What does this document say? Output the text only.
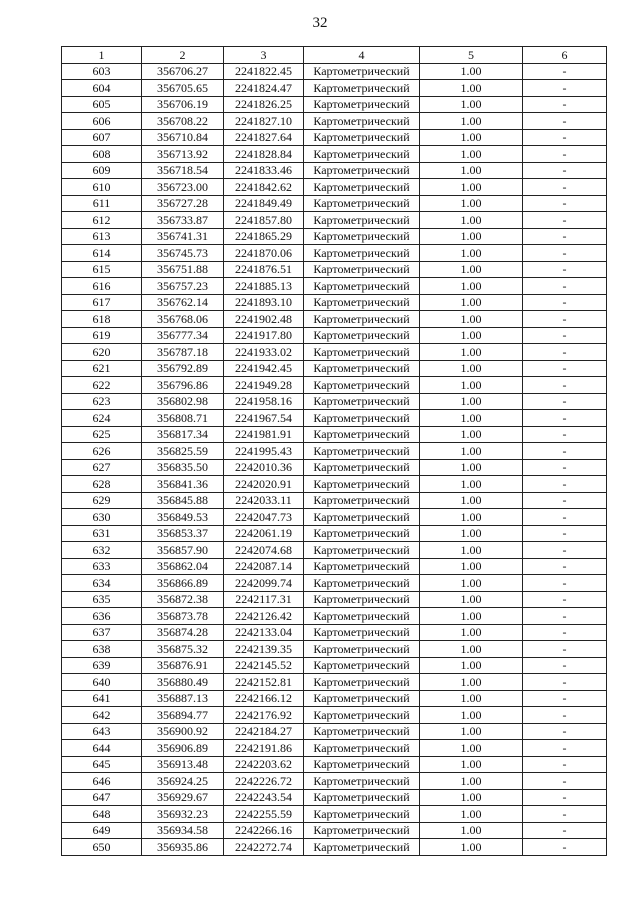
32
1	2	3	4	5	6
603	356706.27	2241822.45	Картометрический	1.00	-
604	356705.65	2241824.47	Картометрический	1.00	-
605	356706.19	2241826.25	Картометрический	1.00	-
606	356708.22	2241827.10	Картометрический	1.00	-
607	356710.84	2241827.64	Картометрический	1.00	-
608	356713.92	2241828.84	Картометрический	1.00	-
609	356718.54	2241833.46	Картометрический	1.00	-
610	356723.00	2241842.62	Картометрический	1.00	-
611	356727.28	2241849.49	Картометрический	1.00	-
612	356733.87	2241857.80	Картометрический	1.00	-
613	356741.31	2241865.29	Картометрический	1.00	-
614	356745.73	2241870.06	Картометрический	1.00	-
615	356751.88	2241876.51	Картометрический	1.00	-
616	356757.23	2241885.13	Картометрический	1.00	-
617	356762.14	2241893.10	Картометрический	1.00	-
618	356768.06	2241902.48	Картометрический	1.00	-
619	356777.34	2241917.80	Картометрический	1.00	-
620	356787.18	2241933.02	Картометрический	1.00	-
621	356792.89	2241942.45	Картометрический	1.00	-
622	356796.86	2241949.28	Картометрический	1.00	-
623	356802.98	2241958.16	Картометрический	1.00	-
624	356808.71	2241967.54	Картометрический	1.00	-
625	356817.34	2241981.91	Картометрический	1.00	-
626	356825.59	2241995.43	Картометрический	1.00	-
627	356835.50	2242010.36	Картометрический	1.00	-
628	356841.36	2242020.91	Картометрический	1.00	-
629	356845.88	2242033.11	Картометрический	1.00	-
630	356849.53	2242047.73	Картометрический	1.00	-
631	356853.37	2242061.19	Картометрический	1.00	-
632	356857.90	2242074.68	Картометрический	1.00	-
633	356862.04	2242087.14	Картометрический	1.00	-
634	356866.89	2242099.74	Картометрический	1.00	-
635	356872.38	2242117.31	Картометрический	1.00	-
636	356873.78	2242126.42	Картометрический	1.00	-
637	356874.28	2242133.04	Картометрический	1.00	-
638	356875.32	2242139.35	Картометрический	1.00	-
639	356876.91	2242145.52	Картометрический	1.00	-
640	356880.49	2242152.81	Картометрический	1.00	-
641	356887.13	2242166.12	Картометрический	1.00	-
642	356894.77	2242176.92	Картометрический	1.00	-
643	356900.92	2242184.27	Картометрический	1.00	-
644	356906.89	2242191.86	Картометрический	1.00	-
645	356913.48	2242203.62	Картометрический	1.00	-
646	356924.25	2242226.72	Картометрический	1.00	-
647	356929.67	2242243.54	Картометрический	1.00	-
648	356932.23	2242255.59	Картометрический	1.00	-
649	356934.58	2242266.16	Картометрический	1.00	-
650	356935.86	2242272.74	Картометрический	1.00	-
